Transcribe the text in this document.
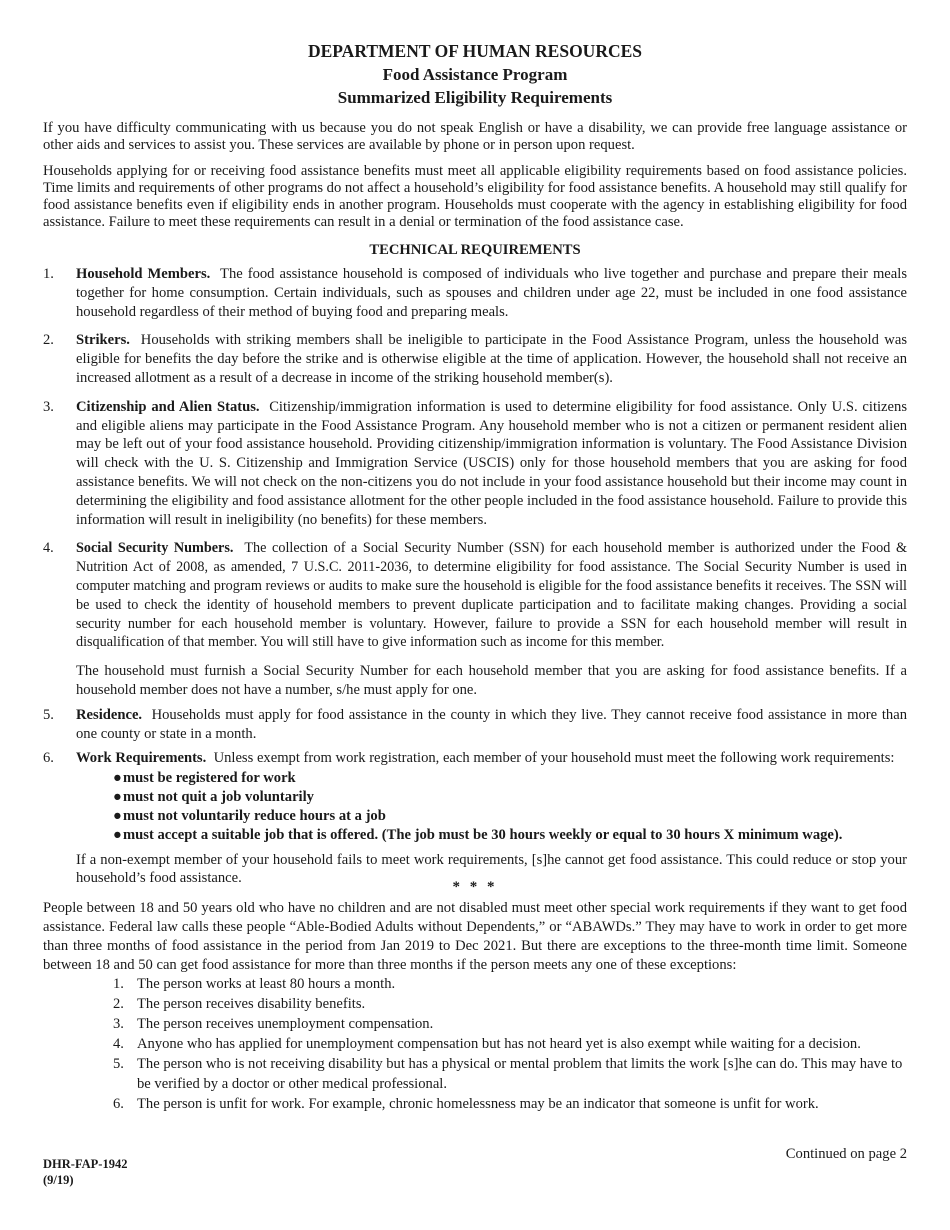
DEPARTMENT OF HUMAN RESOURCES
Food Assistance Program
Summarized Eligibility Requirements

If you have difficulty communicating with us because you do not speak English or have a disability, we can provide free language assistance or other aids and services to assist you. These services are available by phone or in person upon request.

Households applying for or receiving food assistance benefits must meet all applicable eligibility requirements based on food assistance policies. Time limits and requirements of other programs do not affect a household’s eligibility for food assistance benefits. A household may still qualify for food assistance benefits even if eligibility ends in another program. Households must cooperate with the agency in establishing eligibility for food assistance. Failure to meet these requirements can result in a denial or termination of the food assistance case.

TECHNICAL REQUIREMENTS
1. Household Members. The food assistance household is composed of individuals who live together and purchase and prepare their meals together for home consumption. Certain individuals, such as spouses and children under age 22, must be included in one food assistance household regardless of their method of buying food and preparing meals.
2. Strikers. Households with striking members shall be ineligible to participate in the Food Assistance Program, unless the household was eligible for benefits the day before the strike and is otherwise eligible at the time of application. However, the household shall not receive an increased allotment as a result of a decrease in income of the striking household member(s).
3. Citizenship and Alien Status. Citizenship/immigration information is used to determine eligibility for food assistance. Only U.S. citizens and eligible aliens may participate in the Food Assistance Program. Any household member who is not a citizen or permanent resident alien may be left out of your food assistance household. Providing citizenship/immigration information is voluntary. The Food Assistance Division will check with the U. S. Citizenship and Immigration Service (USCIS) only for those household members that you are asking for food assistance benefits. We will not check on the non-citizens you do not include in your food assistance household but their income may count in determining the eligibility and food assistance allotment for the other people included in the food assistance household. Failure to provide this information will result in ineligibility (no benefits) for these members.
4. Social Security Numbers. The collection of a Social Security Number (SSN) for each household member is authorized under the Food & Nutrition Act of 2008, as amended, 7 U.S.C. 2011-2036, to determine eligibility for food assistance. The Social Security Number is used in computer matching and program reviews or audits to make sure the household is eligible for the food assistance benefits it receives. The SSN will be used to check the identity of household members to prevent duplicate participation and to facilitate making changes. Providing a social security number for each household member is voluntary. However, failure to provide a SSN for each household member will result in disqualification of that member. You will still have to give information such as income for this member.

The household must furnish a Social Security Number for each household member that you are asking for food assistance benefits. If a household member does not have a number, s/he must apply for one.

5. Residence. Households must apply for food assistance in the county in which they live. They cannot receive food assistance in more than one county or state in a month.
6. Work Requirements. Unless exempt from work registration, each member of your household must meet the following work requirements:
● must be registered for work
● must not quit a job voluntarily
● must not voluntarily reduce hours at a job
● must accept a suitable job that is offered. (The job must be 30 hours weekly or equal to 30 hours X minimum wage).

If a non-exempt member of your household fails to meet work requirements, [s]he cannot get food assistance. This could reduce or stop your household’s food assistance.

* * *

People between 18 and 50 years old who have no children and are not disabled must meet other special work requirements if they want to get food assistance. Federal law calls these people “Able-Bodied Adults without Dependents,” or “ABAWDs.” They may have to work in order to get more than three months of food assistance in the period from Jan 2019 to Dec 2021. But there are exceptions to the three-month time limit. Someone between 18 and 50 can get food assistance for more than three months if the person meets any one of these exceptions:

1. The person works at least 80 hours a month.
2. The person receives disability benefits.
3. The person receives unemployment compensation.
4. Anyone who has applied for unemployment compensation but has not heard yet is also exempt while waiting for a decision.
5. The person who is not receiving disability but has a physical or mental problem that limits the work [s]he can do. This may have to be verified by a doctor or other medical professional.
6. The person is unfit for work. For example, chronic homelessness may be an indicator that someone is unfit for work.
Continued on page 2
DHR-FAP-1942
(9/19)
